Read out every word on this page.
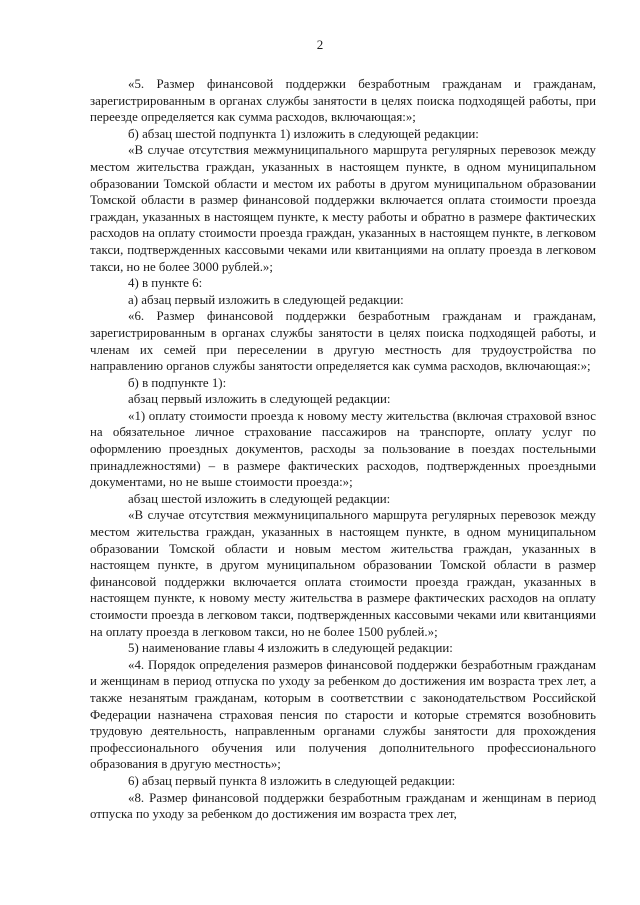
2

«5. Размер финансовой поддержки безработным гражданам и гражданам, зарегистрированным в органах службы занятости в целях поиска подходящей работы, при переезде определяется как сумма расходов, включающая:»;

б) абзац шестой подпункта 1) изложить в следующей редакции:

«В случае отсутствия межмуниципального маршрута регулярных перевозок между местом жительства граждан, указанных в настоящем пункте, в одном муниципальном образовании Томской области и местом их работы в другом муниципальном образовании Томской области в размер финансовой поддержки включается оплата стоимости проезда граждан, указанных в настоящем пункте, к месту работы и обратно в размере фактических расходов на оплату стоимости проезда граждан, указанных в настоящем пункте, в легковом такси, подтвержденных кассовыми чеками или квитанциями на оплату проезда в легковом такси, но не более 3000 рублей.»;

4) в пункте 6:

а) абзац первый изложить в следующей редакции:

«6. Размер финансовой поддержки безработным гражданам и гражданам, зарегистрированным в органах службы занятости в целях поиска подходящей работы, и членам их семей при переселении в другую местность для трудоустройства по направлению органов службы занятости определяется как сумма расходов, включающая:»;

б) в подпункте 1):

абзац первый изложить в следующей редакции:

«1) оплату стоимости проезда к новому месту жительства (включая страховой взнос на обязательное личное страхование пассажиров на транспорте, оплату услуг по оформлению проездных документов, расходы за пользование в поездах постельными принадлежностями) – в размере фактических расходов, подтвержденных проездными документами, но не выше стоимости проезда:»;

абзац шестой изложить в следующей редакции:

«В случае отсутствия межмуниципального маршрута регулярных перевозок между местом жительства граждан, указанных в настоящем пункте, в одном муниципальном образовании Томской области и новым местом жительства граждан, указанных в настоящем пункте, в другом муниципальном образовании Томской области в размер финансовой поддержки включается оплата стоимости проезда граждан, указанных в настоящем пункте, к новому месту жительства в размере фактических расходов на оплату стоимости проезда в легковом такси, подтвержденных кассовыми чеками или квитанциями на оплату проезда в легковом такси, но не более 1500 рублей.»;

5) наименование главы 4 изложить в следующей редакции:

«4. Порядок определения размеров финансовой поддержки безработным гражданам и женщинам в период отпуска по уходу за ребенком до достижения им возраста трех лет, а также незанятым гражданам, которым в соответствии с законодательством Российской Федерации назначена страховая пенсия по старости и которые стремятся возобновить трудовую деятельность, направленным органами службы занятости для прохождения профессионального обучения или получения дополнительного профессионального образования в другую местность»;

6) абзац первый пункта 8 изложить в следующей редакции:

«8. Размер финансовой поддержки безработным гражданам и женщинам в период отпуска по уходу за ребенком до достижения им возраста трех лет,
